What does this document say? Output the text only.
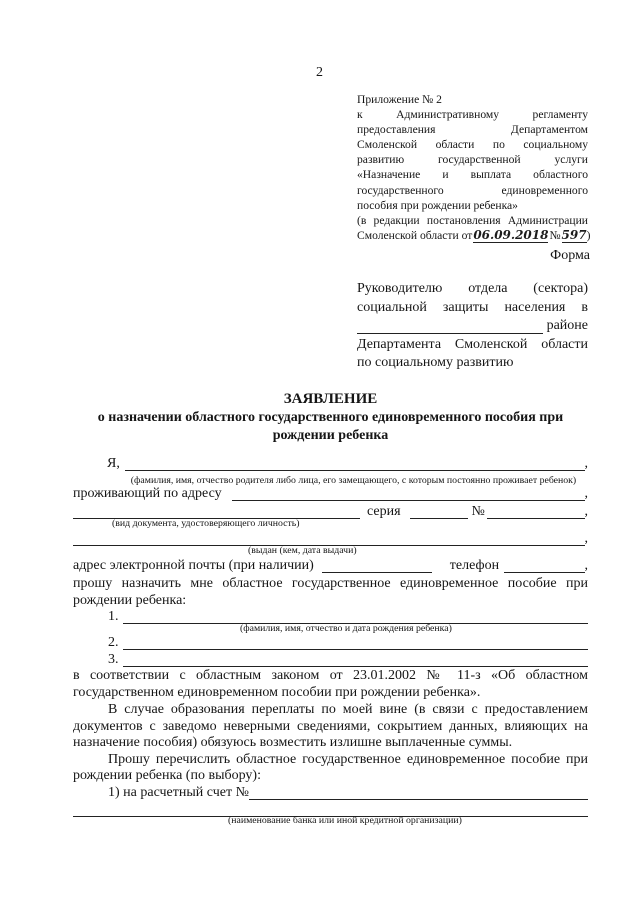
2
Приложение № 2
к Административному регламенту
предоставления Департаментом
Смоленской области по социальному
развитию государственной услуги
«Назначение и выплата областного
государственного единовременного
пособия при рождении ребенка»
(в редакции постановления Администрации
Смоленской области от 06.09.2018 № 597 )
Форма
Руководителю отдела (сектора)
социальной защиты населения в
районе
Департамента Смоленской области
по социальному развитию
ЗАЯВЛЕНИЕ
о назначении областного государственного единовременного пособия при
рождении ребенка
Я,	,
(фамилия, имя, отчество родителя либо лица, его замещающего, с которым постоянно проживает ребенок)
проживающий по адресу	,
серия	№	,
(вид документа, удостоверяющего личность)
,
(выдан (кем, дата выдачи)
адрес электронной почты (при наличии)	телефон	,
прошу назначить мне областное государственное единовременное пособие при
рождении ребенка:
1.
(фамилия, имя, отчество и дата рождения ребенка)
2.
3.
в соответствии с областным законом от 23.01.2002 № 11-з «Об областном
государственном единовременном пособии при рождении ребенка».
В случае образования переплаты по моей вине (в связи с предоставлением
документов с заведомо неверными сведениями, сокрытием данных, влияющих на
назначение пособия) обязуюсь возместить излишне выплаченные суммы.
Прошу перечислить областное государственное единовременное пособие при
рождении ребенка (по выбору):
1) на расчетный счет №
(наименование банка или иной кредитной организации)
